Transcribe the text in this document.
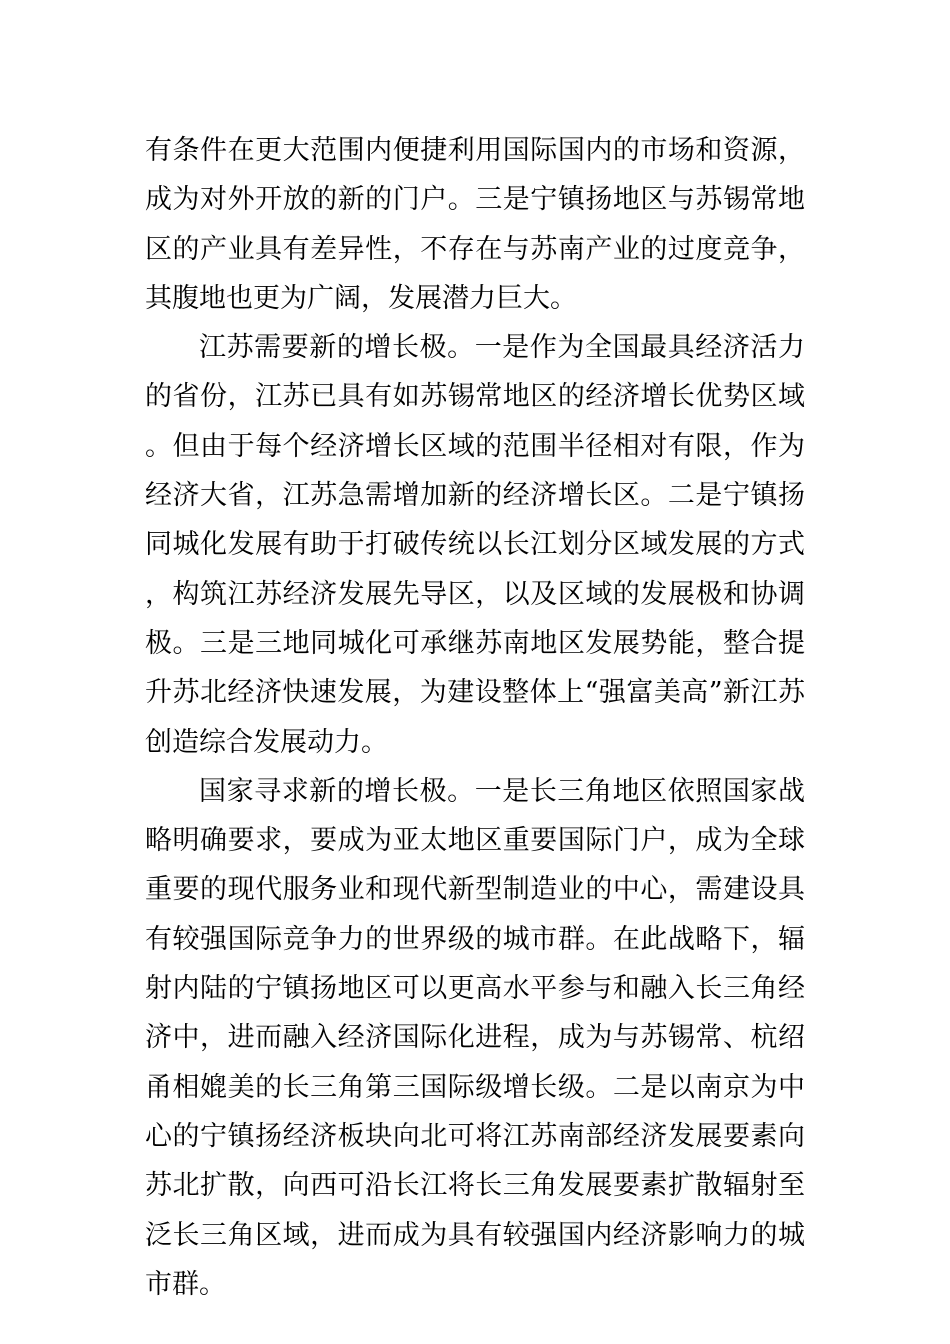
有条件在更大范围内便捷利用国际国内的市场和资源，成为对外开放的新的门户。三是宁镇扬地区与苏锡常地区的产业具有差异性，不存在与苏南产业的过度竞争，其腹地也更为广阔，发展潜力巨大。

江苏需要新的增长极。一是作为全国最具经济活力的省份，江苏已具有如苏锡常地区的经济增长优势区域。但由于每个经济增长区域的范围半径相对有限，作为经济大省，江苏急需增加新的经济增长区。二是宁镇扬同城化发展有助于打破传统以长江划分区域发展的方式，构筑江苏经济发展先导区，以及区域的发展极和协调极。三是三地同城化可承继苏南地区发展势能，整合提升苏北经济快速发展，为建设整体上“强富美高”新江苏创造综合发展动力。

国家寻求新的增长极。一是长三角地区依照国家战略明确要求，要成为亚太地区重要国际门户，成为全球重要的现代服务业和现代新型制造业的中心，需建设具有较强国际竞争力的世界级的城市群。在此战略下，辐射内陆的宁镇扬地区可以更高水平参与和融入长三角经济中，进而融入经济国际化进程，成为与苏锡常、杭绍甬相媲美的长三角第三国际级增长级。二是以南京为中心的宁镇扬经济板块向北可将江苏南部经济发展要素向苏北扩散，向西可沿长江将长三角发展要素扩散辐射至泛长三角区域，进而成为具有较强国内经济影响力的城市群。
